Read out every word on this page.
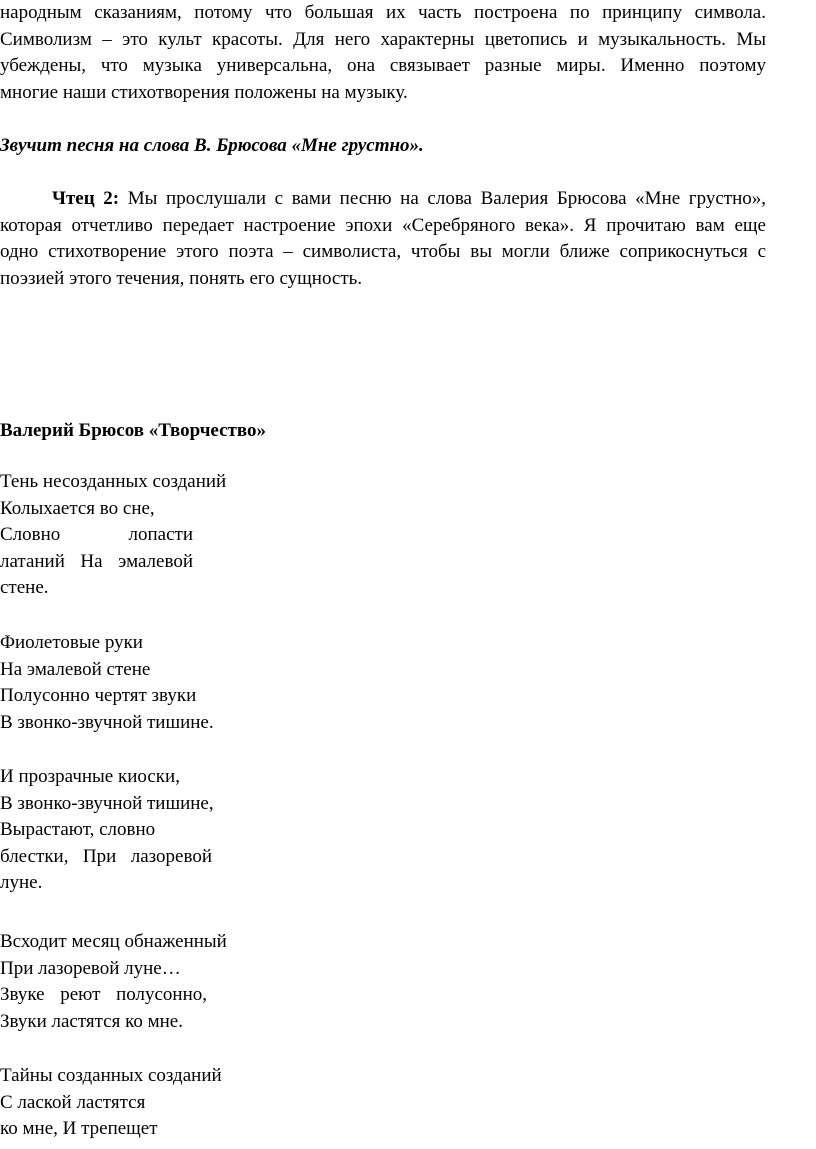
народным сказаниям, потому что большая их часть построена по принципу символа.
Символизм – это культ красоты. Для него характерны цветопись и музыкальность. Мы
убеждены, что музыка универсальна, она связывает разные миры. Именно поэтому
многие наши стихотворения положены на музыку.

Звучит песня на слова В. Брюсова «Мне грустно».

Чтец 2: Мы прослушали с вами песню на слова Валерия Брюсова «Мне грустно»,
которая отчетливо передает настроение эпохи «Серебряного века». Я прочитаю вам еще
одно стихотворение этого поэта – символиста, чтобы вы могли ближе соприкоснуться с
поэзией этого течения, понять его сущность.

Валерий Брюсов «Творчество»

Тень несозданных созданий
Колыхается во сне,
Словно лопасти
латаний На эмалевой
стене.
Фиолетовые руки
На эмалевой стене
Полусонно чертят звуки
В звонко-звучной тишине.
И прозрачные киоски,
В звонко-звучной тишине,
Вырастают, словно
блестки, При лазоревой
луне.
Всходит месяц обнаженный
При лазоревой луне…
Звуке реют полусонно,
Звуки ластятся ко мне.
Тайны созданных созданий
С лаской ластятся
ко мне, И трепещет
